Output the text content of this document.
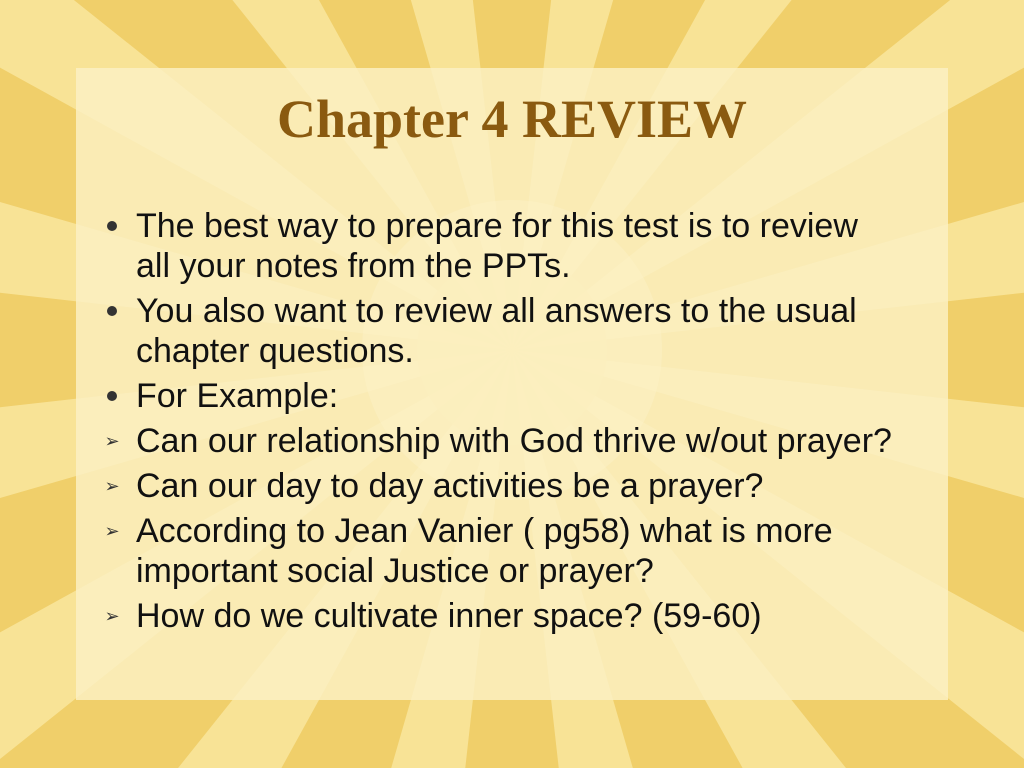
Chapter 4 REVIEW
The best way to prepare for this test is to review all your notes from the PPTs.
You also want to review all answers to the usual chapter questions.
For Example:
➢ Can our relationship with God thrive w/out prayer?
➢ Can our day to day activities be a prayer?
➢ According to Jean Vanier ( pg58) what is more important social Justice or prayer?
➢ How do we cultivate inner space? (59-60)
